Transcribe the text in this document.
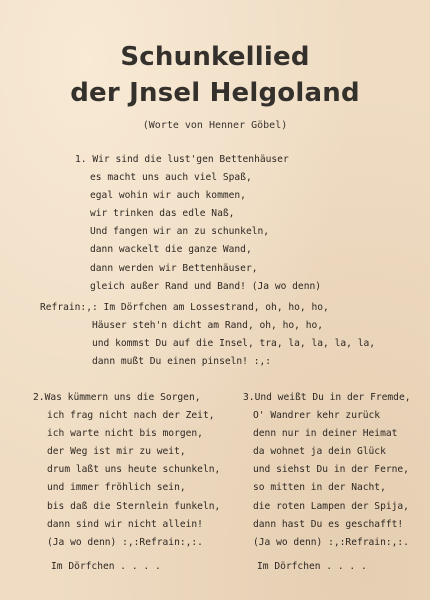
Schunkellied
der Jnsel Helgoland
(Worte von Henner Göbel)
1. Wir sind die lust'gen Bettenhäuser
es macht uns auch viel Spaß,
egal wohin wir auch kommen,
wir trinken das edle Naß,
Und fangen wir an zu schunkeln,
dann wackelt die ganze Wand,
dann werden wir Bettenhäuser,
gleich außer Rand und Band! (Ja wo denn)
Refrain:,: Im Dörfchen am Lossestrand, oh, ho, ho,
Häuser steh'n dicht am Rand, oh, ho, ho,
und kommst Du auf die Insel, tra, la, la, la, la,
dann mußt Du einen pinseln! :,:
2.Was kümmern uns die Sorgen,
ich frag nicht nach der Zeit,
ich warte nicht bis morgen,
der Weg ist mir zu weit,
drum laßt uns heute schunkeln,
und immer fröhlich sein,
bis daß die Sternlein funkeln,
dann sind wir nicht allein!
(Ja wo denn) :,:Refrain:,:.
Im Dörfchen . . . .
3.Und weißt Du in der Fremde,
O' Wandrer kehr zurück
denn nur in deiner Heimat
da wohnet ja dein Glück
und siehst Du in der Ferne,
so mitten in der Nacht,
die roten Lampen der Spija,
dann hast Du es geschafft!
(Ja wo denn) :,:Refrain:,:.
Im Dörfchen . . . .
